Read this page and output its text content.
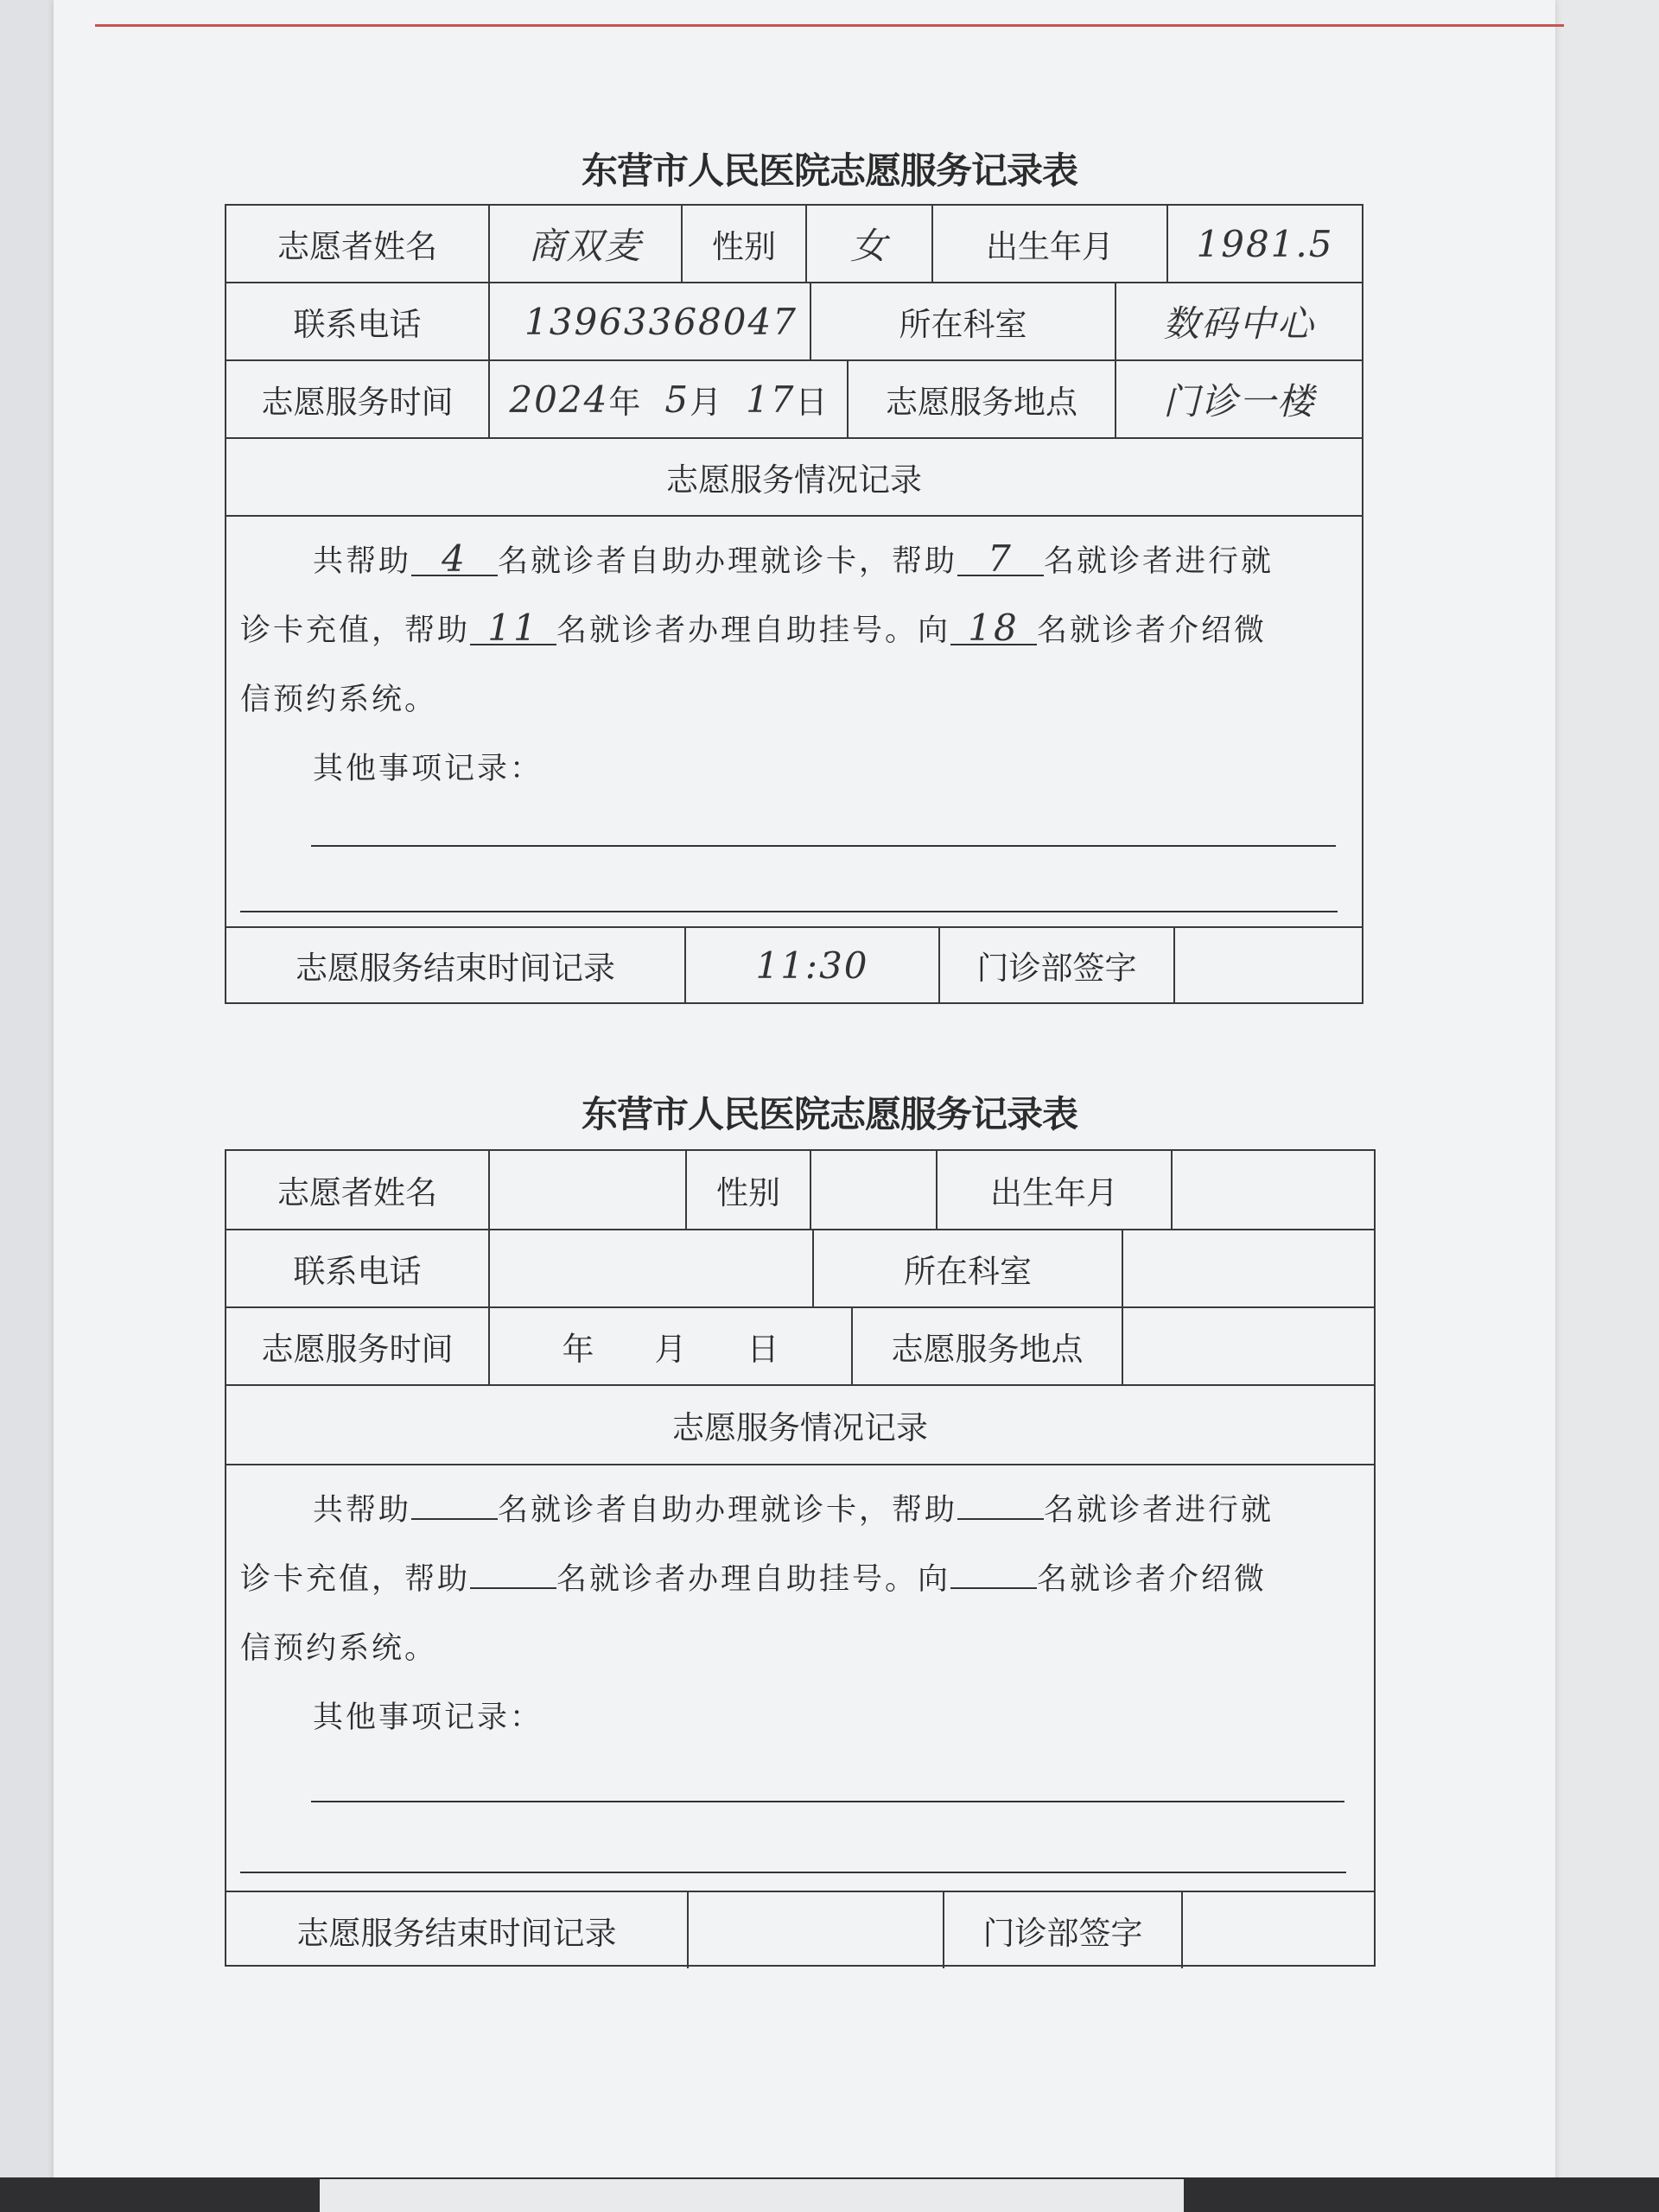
东营市人民医院志愿服务记录表
志愿者姓名	商双麦	性别	女	出生年月	1981.5
联系电话	13963368047	所在科室	数码中心
志愿服务时间	2024 年 5 月 17 日	志愿服务地点	门诊一楼
志愿服务情况记录
共帮助 4 名就诊者自助办理就诊卡，帮助 7 名就诊者进行就
诊卡充值，帮助 11 名就诊者办理自助挂号。向 18 名就诊者介绍微
信预约系统。
其他事项记录：
志愿服务结束时间记录	11:30	门诊部签字
东营市人民医院志愿服务记录表
志愿者姓名	性别	出生年月
联系电话	所在科室
志愿服务时间	年 月 日	志愿服务地点
志愿服务情况记录
共帮助	名就诊者自助办理就诊卡，帮助	名就诊者进行就
诊卡充值，帮助	名就诊者办理自助挂号。向	名就诊者介绍微
信预约系统。
其他事项记录：
志愿服务结束时间记录	门诊部签字
